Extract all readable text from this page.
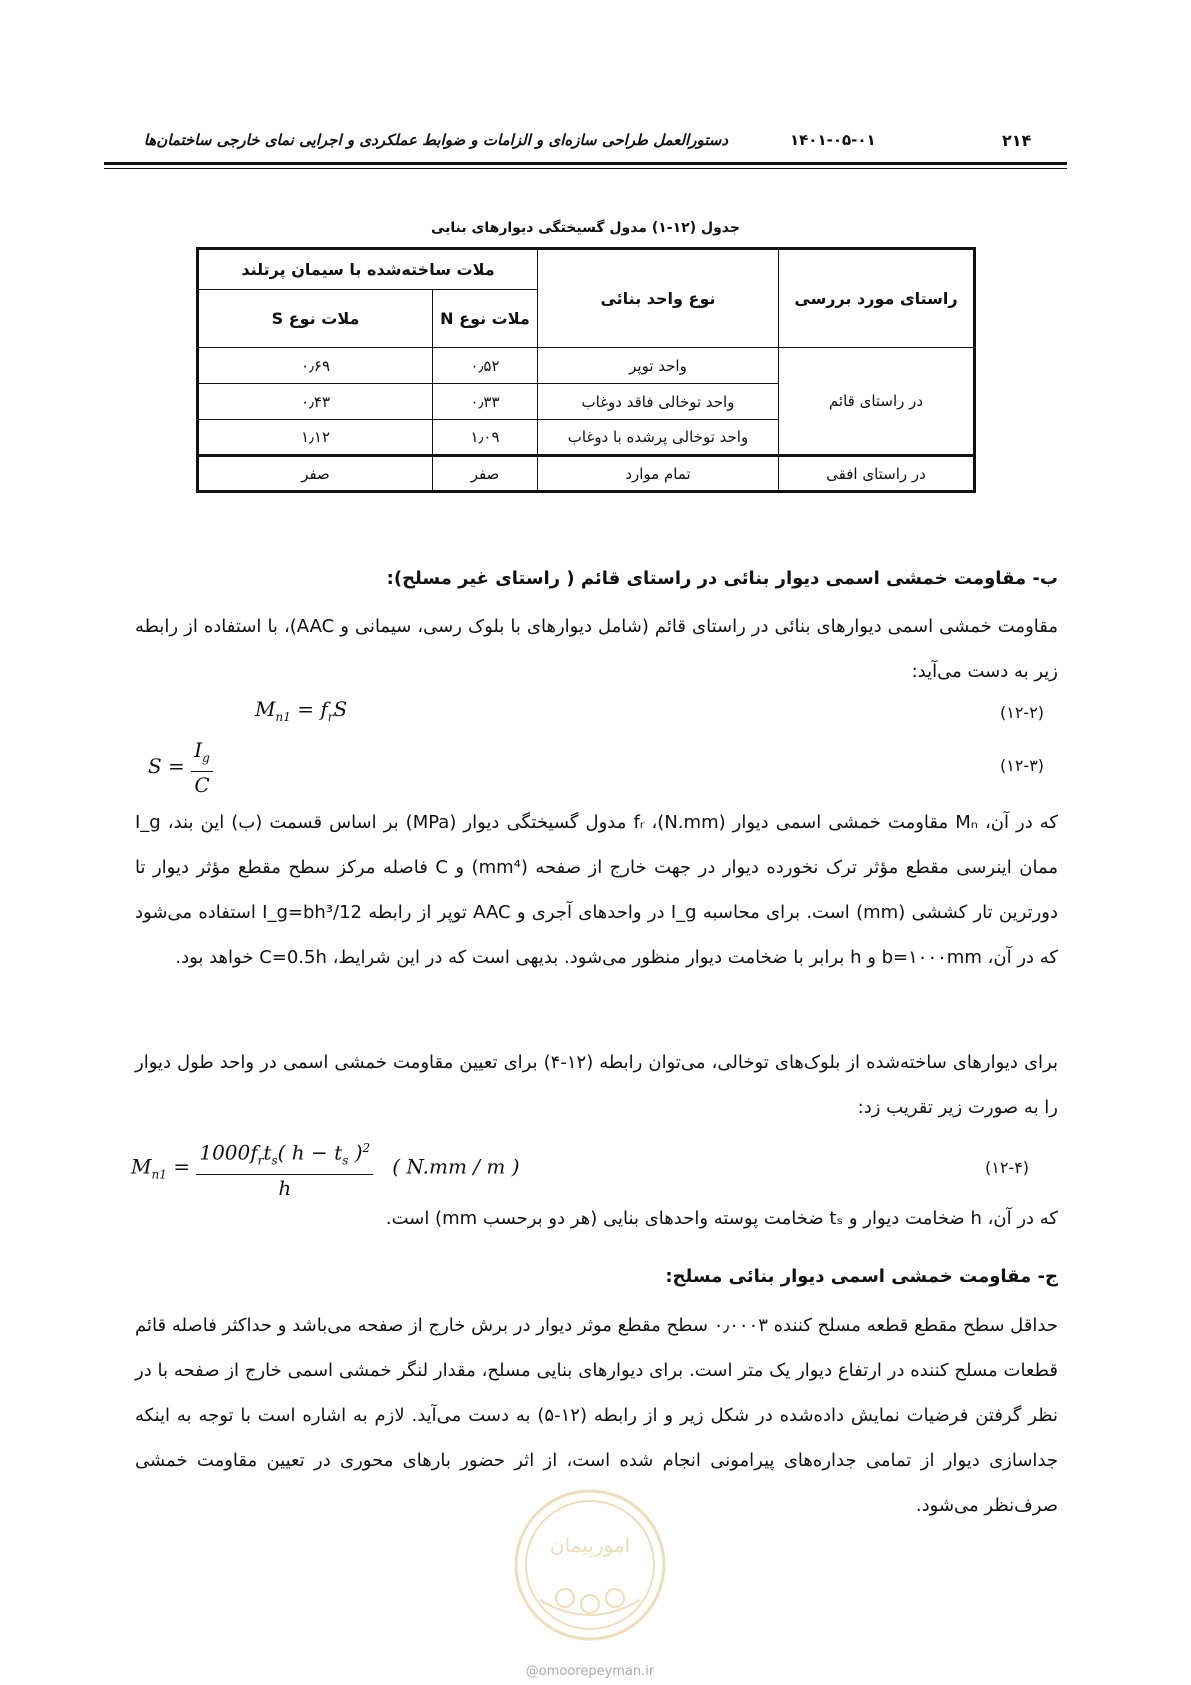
۲۱۴
۱۴۰۱-۰۵-۰۱
دستورالعمل طراحی سازه‌ای و الزامات و ضوابط عملکردی و اجرایی نمای خارجی ساختمان‌ها
جدول (۱۲-۱) مدول گسیختگی دیوارهای بنایی
راستای مورد بررسی	نوع واحد بنائی	ملات ساخته‌شده با سیمان پرتلند	
		ملات نوع N	ملات نوع S
در راستای قائم	واحد توپر	۰٫۵۲	۰٫۶۹
	واحد توخالی فاقد دوغاب	۰٫۳۳	۰٫۴۳
	واحد توخالی پرشده با دوغاب	۱٫۰۹	۱٫۱۲
در راستای افقی	تمام موارد	صفر	صفر
ب- مقاومت خمشی اسمی دیوار بنائی در راستای قائم ( راستای غیر مسلح):
مقاومت خمشی اسمی دیوارهای بنائی در راستای قائم (شامل دیوارهای با بلوک رسی، سیمانی و AAC)، با استفاده از رابطه زیر به دست می‌آید:
$M_{n1} = f_rS$	(۱۲-۲)
$S = \frac{I_g}{C}$	(۱۲-۳)
که در آن، Mₙ مقاومت خمشی اسمی دیوار (N.mm)، fᵣ مدول گسیختگی دیوار (MPa) بر اساس قسمت (ب) این بند، I_g ممان اینرسی مقطع مؤثر ترک نخورده دیوار در جهت خارج از صفحه (mm⁴) و C فاصله مرکز سطح مقطع مؤثر دیوار تا دورترین تار کششی (mm) است. برای محاسبه I_g در واحدهای آجری و AAC توپر از رابطه I_g=bh³/12 استفاده می‌شود که در آن، b=۱۰۰۰mm و h برابر با ضخامت دیوار منظور می‌شود. بدیهی است که در این شرایط، C=0.5h خواهد بود.
برای دیوارهای ساخته‌شده از بلوک‌های توخالی، می‌توان رابطه (۱۲-۴) برای تعیین مقاومت خمشی اسمی در واحد طول دیوار را به صورت زیر تقریب زد:
$M_{n1} = \frac{1000f_rt_s( h - t_s )^2}{h}$ ( N.mm / m )	(۱۲-۴)
که در آن، h ضخامت دیوار و tₛ ضخامت پوسته واحدهای بنایی (هر دو برحسب mm) است.
ج- مقاومت خمشی اسمی دیوار بنائی مسلح:
حداقل سطح مقطع قطعه مسلح کننده ۰٫۰۰۰۳ سطح مقطع موثر دیوار در برش خارج از صفحه می‌باشد و حداکثر فاصله قائم قطعات مسلح کننده در ارتفاع دیوار یک متر است. برای دیوارهای بنایی مسلح، مقدار لنگر خمشی اسمی خارج از صفحه با در نظر گرفتن فرضیات نمایش داده‌شده در شکل زیر و از رابطه (۱۲-۵) به دست می‌آید. لازم به اشاره است با توجه به اینکه جداسازی دیوار از تمامی جداره‌های پیرامونی انجام شده است، از اثر حضور بارهای محوری در تعیین مقاومت خمشی صرف‌نظر می‌شود.
امورپیمان
@omoorepeyman.ir
